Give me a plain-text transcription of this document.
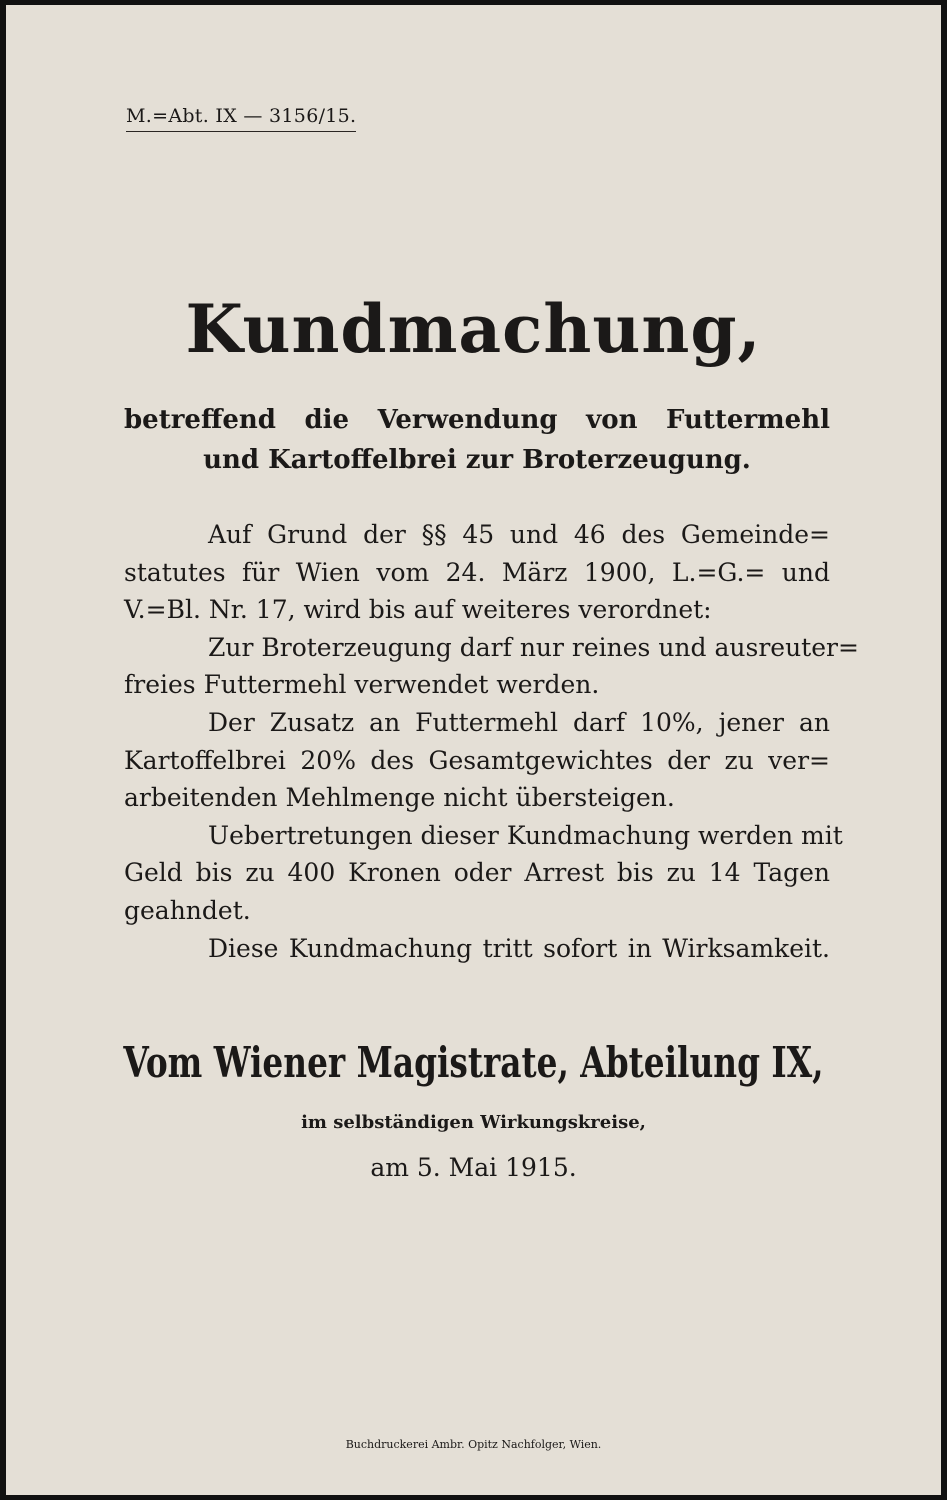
M.=Abt. IX — 3156/15.
Kundmachung,
betreffend die Verwendung von Futtermehl
und Kartoffelbrei zur Broterzeugung.
Auf Grund der §§ 45 und 46 des Gemeinde=
statutes für Wien vom 24. März 1900, L.=G.= und
V.=Bl. Nr. 17, wird bis auf weiteres verordnet:
Zur Broterzeugung darf nur reines und ausreuter=
freies Futtermehl verwendet werden.
Der Zusatz an Futtermehl darf 10%, jener an
Kartoffelbrei 20% des Gesamtgewichtes der zu ver=
arbeitenden Mehlmenge nicht übersteigen.
Uebertretungen dieser Kundmachung werden mit
Geld bis zu 400 Kronen oder Arrest bis zu 14 Tagen
geahndet.
Diese Kundmachung tritt sofort in Wirksamkeit.
Vom Wiener Magistrate, Abteilung IX,
im selbständigen Wirkungskreise,
am 5. Mai 1915.
Buchdruckerei Ambr. Opitz Nachfolger, Wien.
